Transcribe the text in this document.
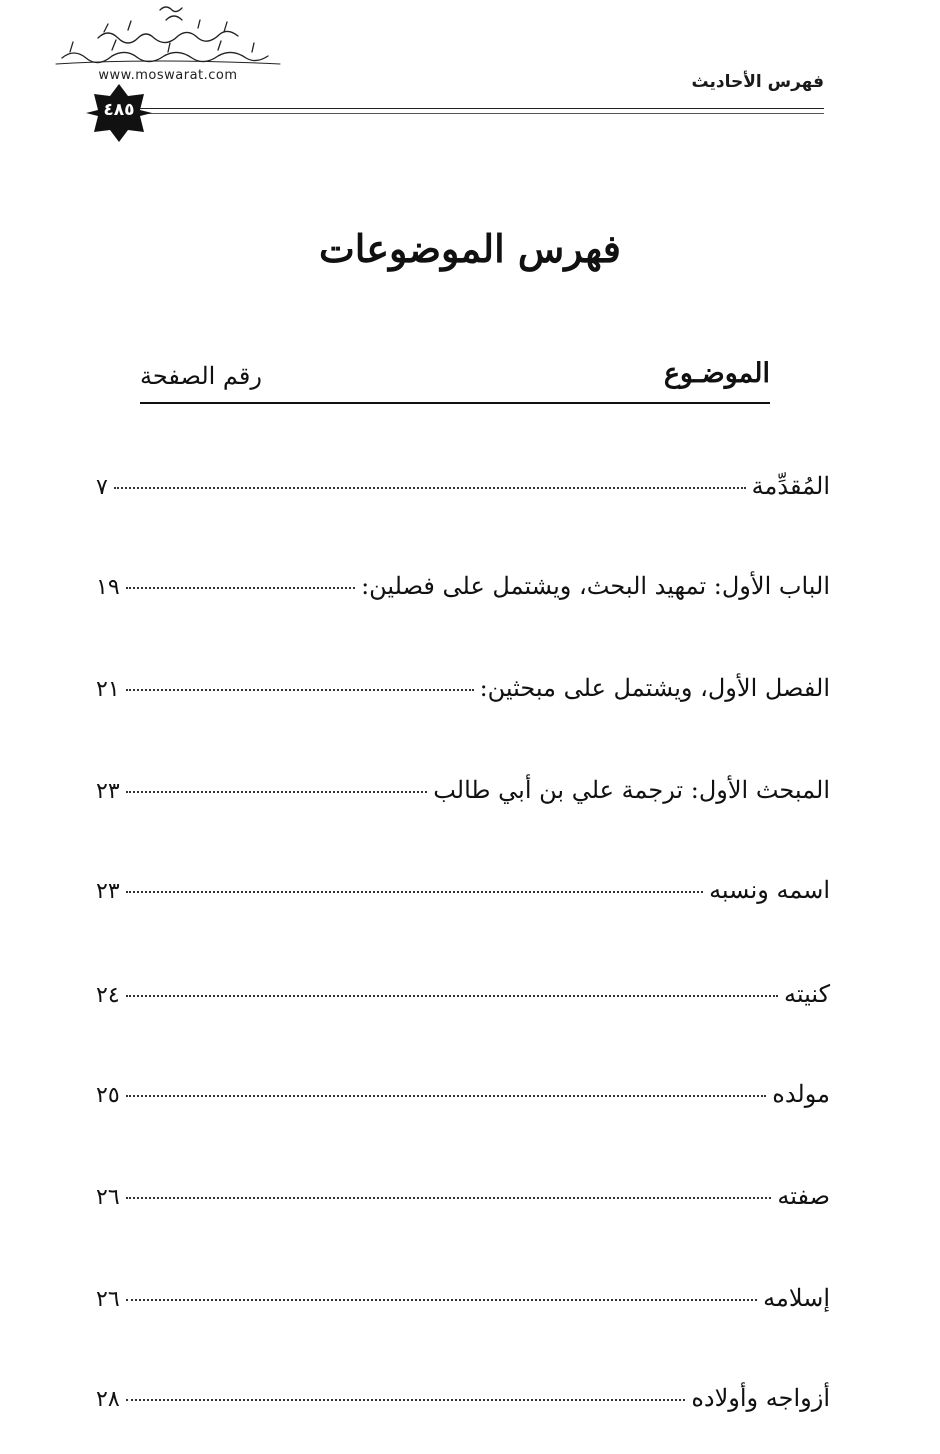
www.moswarat.com	فهرس الأحاديث
٤٨٥
فهرس الموضوعات
الموضـوع
رقم الصفحة
المُقدِّمة
٧
الباب الأول: تمهيد البحث، ويشتمل على فصلين:
١٩
الفصل الأول، ويشتمل على مبحثين:
٢١
المبحث الأول: ترجمة علي بن أبي طالب
٢٣
اسمه ونسبه
٢٣
كنيته
٢٤
مولده
٢٥
صفته
٢٦
إسلامه
٢٦
أزواجه وأولاده
٢٨
